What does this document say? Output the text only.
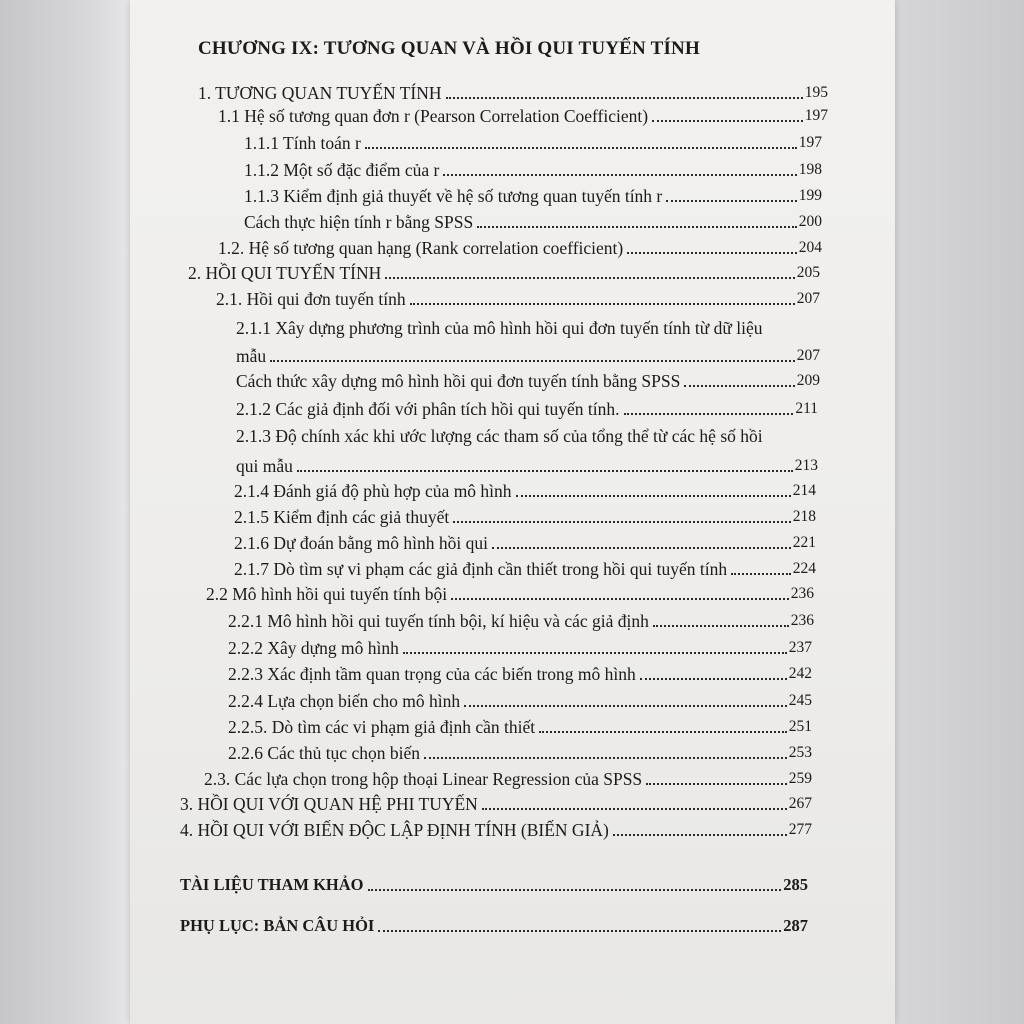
CHƯƠNG IX: TƯƠNG QUAN VÀ HỒI QUI TUYẾN TÍNH
1. TƯƠNG QUAN TUYẾN TÍNH	195
1.1 Hệ số tương quan đơn r (Pearson Correlation Coefficient)	197
1.1.1 Tính toán r	197
1.1.2 Một số đặc điểm của r	198
1.1.3 Kiểm định giả thuyết về hệ số tương quan tuyến tính r	199
Cách thực hiện tính r bằng SPSS	200
1.2. Hệ số tương quan hạng (Rank correlation coefficient)	204
2. HỒI QUI TUYẾN TÍNH	205
2.1. Hồi qui đơn tuyến tính	207
2.1.1 Xây dựng phương trình của mô hình hồi qui đơn tuyến tính từ dữ liệu
mẫu	207
Cách thức xây dựng mô hình hồi qui đơn tuyến tính bằng SPSS	209
2.1.2 Các giả định đối với phân tích hồi qui tuyến tính.	211
2.1.3 Độ chính xác khi ước lượng các tham số của tổng thể từ các hệ số hồi
qui mẫu	213
2.1.4 Đánh giá độ phù hợp của mô hình	214
2.1.5 Kiểm định các giả thuyết	218
2.1.6 Dự đoán bằng mô hình hồi qui	221
2.1.7 Dò tìm sự vi phạm các giả định cần thiết trong hồi qui tuyến tính	224
2.2 Mô hình hồi qui tuyến tính bội	236
2.2.1 Mô hình hồi qui tuyến tính bội, kí hiệu và các giả định	236
2.2.2 Xây dựng mô hình	237
2.2.3 Xác định tầm quan trọng của các biến trong mô hình	242
2.2.4 Lựa chọn biến cho mô hình	245
2.2.5. Dò tìm các vi phạm giả định cần thiết	251
2.2.6 Các thủ tục chọn biến	253
2.3. Các lựa chọn trong hộp thoại Linear Regression của SPSS	259
3. HỒI QUI VỚI QUAN HỆ PHI TUYẾN	267
4. HỒI QUI VỚI BIẾN ĐỘC LẬP ĐỊNH TÍNH (BIẾN GIẢ)	277
TÀI LIỆU THAM KHẢO	285
PHỤ LỤC: BẢN CÂU HỎI	287
